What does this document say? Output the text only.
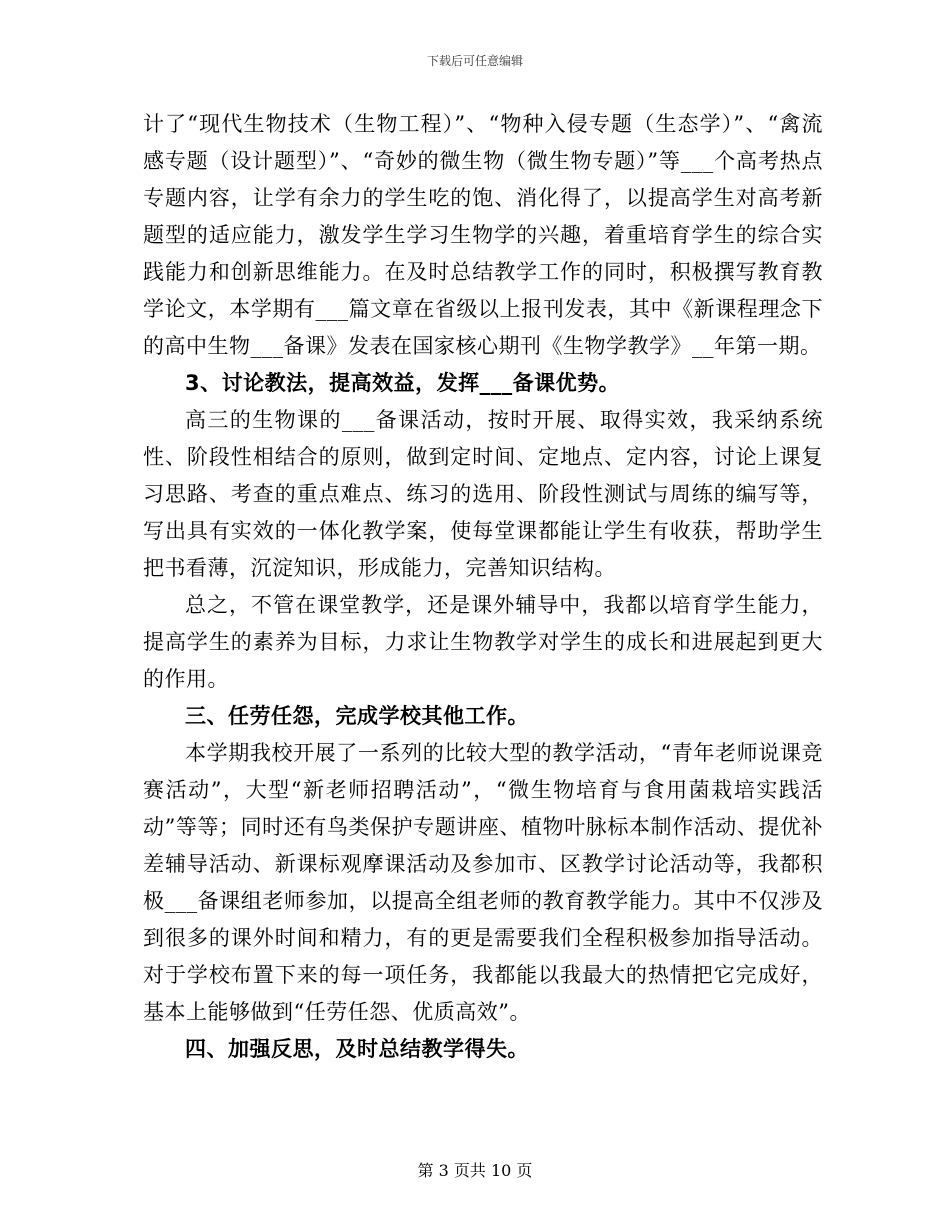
下载后可任意编辑

计了“现代生物技术（生物工程）”、“物种入侵专题（生态学）”、“禽流感专题（设计题型）”、“奇妙的微生物（微生物专题）”等___个高考热点专题内容，让学有余力的学生吃的饱、消化得了，以提高学生对高考新题型的适应能力，激发学生学习生物学的兴趣，着重培育学生的综合实践能力和创新思维能力。在及时总结教学工作的同时，积极撰写教育教学论文，本学期有___篇文章在省级以上报刊发表，其中《新课程理念下的高中生物___备课》发表在国家核心期刊《生物学教学》__年第一期。

3、讨论教法，提高效益，发挥___备课优势。

高三的生物课的___备课活动，按时开展、取得实效，我采纳系统性、阶段性相结合的原则，做到定时间、定地点、定内容，讨论上课复习思路、考查的重点难点、练习的选用、阶段性测试与周练的编写等，写出具有实效的一体化教学案，使每堂课都能让学生有收获，帮助学生把书看薄，沉淀知识，形成能力，完善知识结构。

总之，不管在课堂教学，还是课外辅导中，我都以培育学生能力，提高学生的素养为目标，力求让生物教学对学生的成长和进展起到更大的作用。

三、任劳任怨，完成学校其他工作。

本学期我校开展了一系列的比较大型的教学活动，“青年老师说课竞赛活动”，大型“新老师招聘活动”，“微生物培育与食用菌栽培实践活动”等等；同时还有鸟类保护专题讲座、植物叶脉标本制作活动、提优补差辅导活动、新课标观摩课活动及参加市、区教学讨论活动等，我都积极___备课组老师参加，以提高全组老师的教育教学能力。其中不仅涉及到很多的课外时间和精力，有的更是需要我们全程积极参加指导活动。对于学校布置下来的每一项任务，我都能以我最大的热情把它完成好，基本上能够做到“任劳任怨、优质高效”。

四、加强反思，及时总结教学得失。

第 3 页共 10 页
